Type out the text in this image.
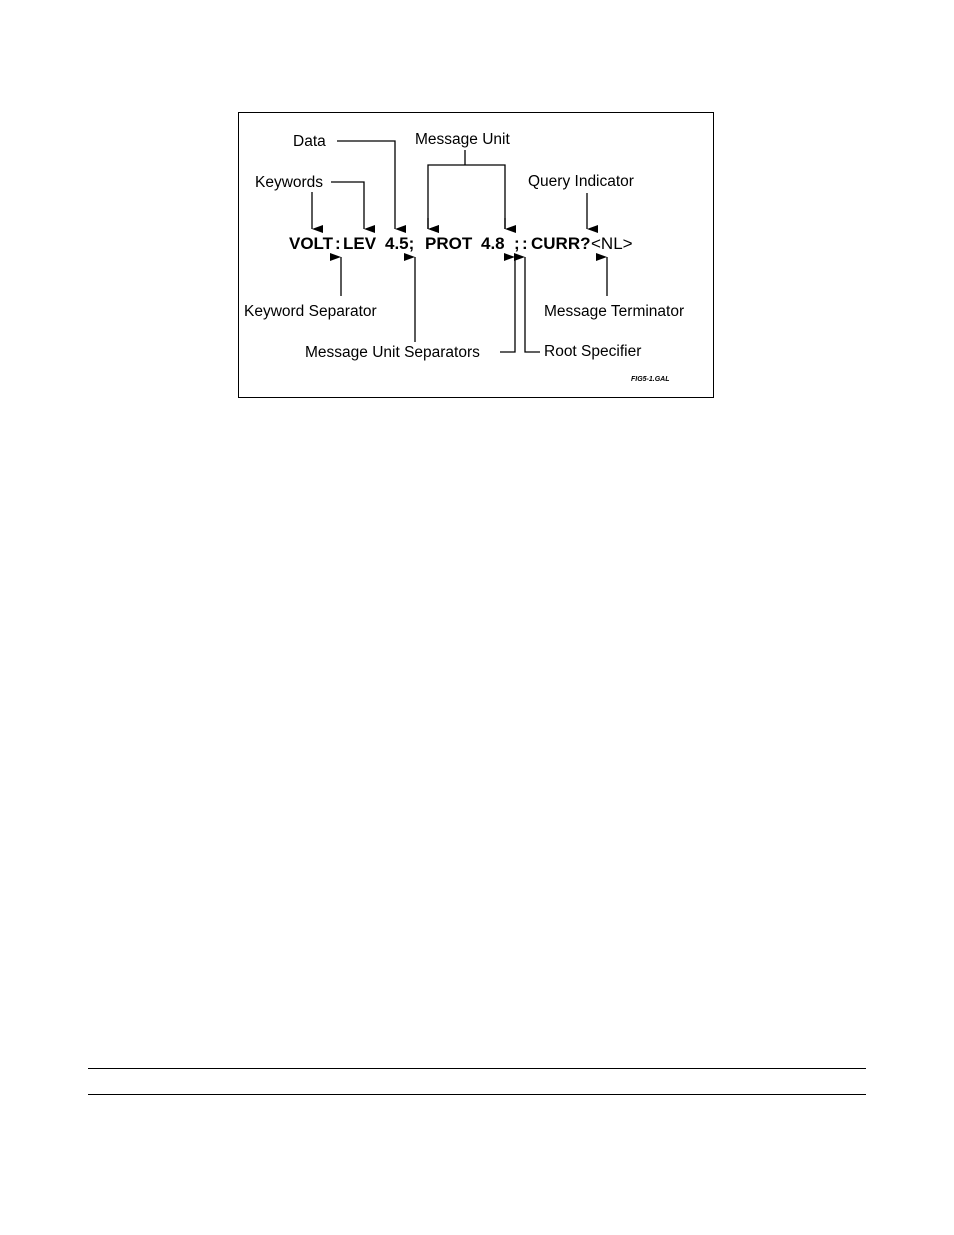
Data	Message Unit
Keywords	Query Indicator
Keyword Separator	Message Terminator
Message Unit Separators	Root Specifier
VOLT : LEV 4.5; PROT 4.8 ; : CURR? <NL>
FIG5-1.GAL
